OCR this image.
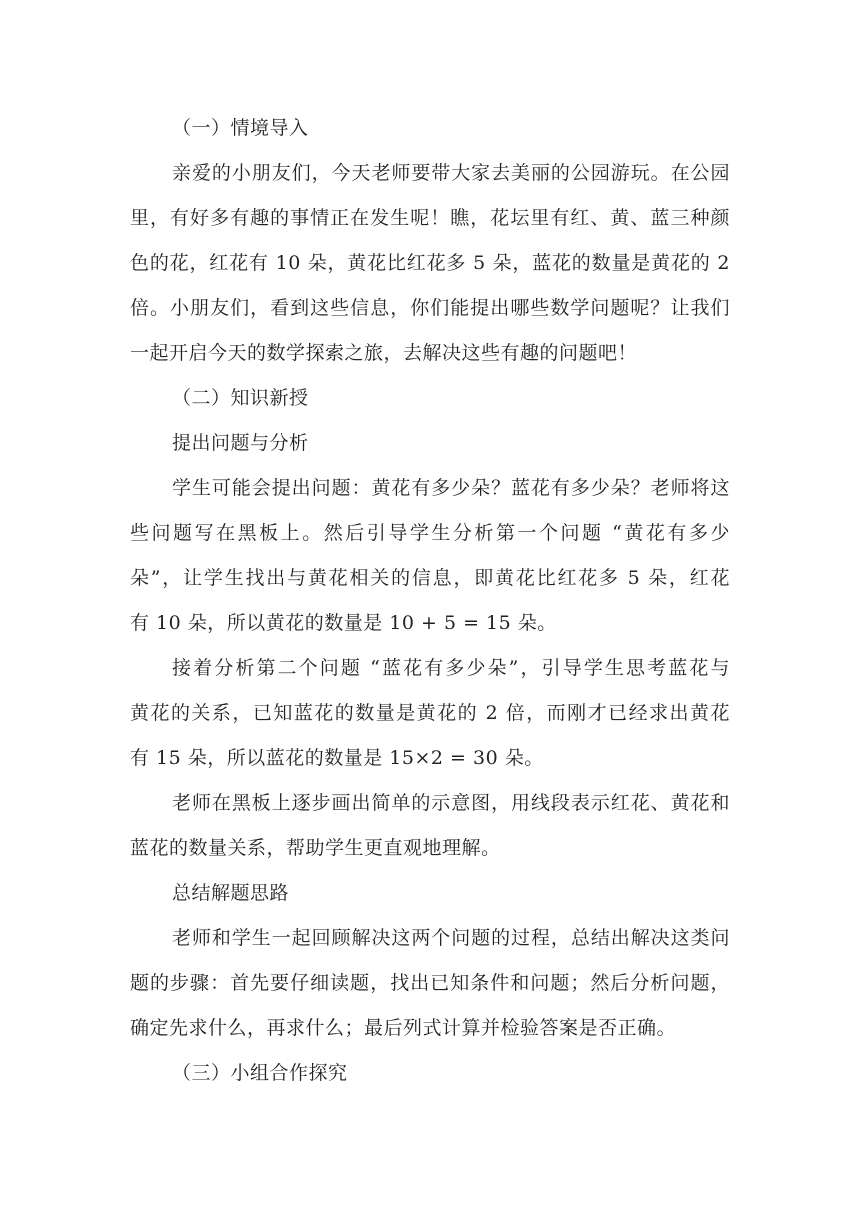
（一）情境导入
亲爱的小朋友们，今天老师要带大家去美丽的公园游玩。在公园
里，有好多有趣的事情正在发生呢！瞧，花坛里有红、黄、蓝三种颜
色的花，红花有 10 朵，黄花比红花多 5 朵，蓝花的数量是黄花的 2
倍。小朋友们，看到这些信息，你们能提出哪些数学问题呢？让我们
一起开启今天的数学探索之旅，去解决这些有趣的问题吧！
（二）知识新授
提出问题与分析
学生可能会提出问题：黄花有多少朵？蓝花有多少朵？老师将这
些问题写在黑板上。然后引导学生分析第一个问题 “黄花有多少
朵”，让学生找出与黄花相关的信息，即黄花比红花多 5 朵，红花
有 10 朵，所以黄花的数量是 10 + 5 = 15 朵。
接着分析第二个问题 “蓝花有多少朵”，引导学生思考蓝花与
黄花的关系，已知蓝花的数量是黄花的 2 倍，而刚才已经求出黄花
有 15 朵，所以蓝花的数量是 15×2 = 30 朵。
老师在黑板上逐步画出简单的示意图，用线段表示红花、黄花和
蓝花的数量关系，帮助学生更直观地理解。
总结解题思路
老师和学生一起回顾解决这两个问题的过程，总结出解决这类问
题的步骤：首先要仔细读题，找出已知条件和问题；然后分析问题，
确定先求什么，再求什么；最后列式计算并检验答案是否正确。
（三）小组合作探究
